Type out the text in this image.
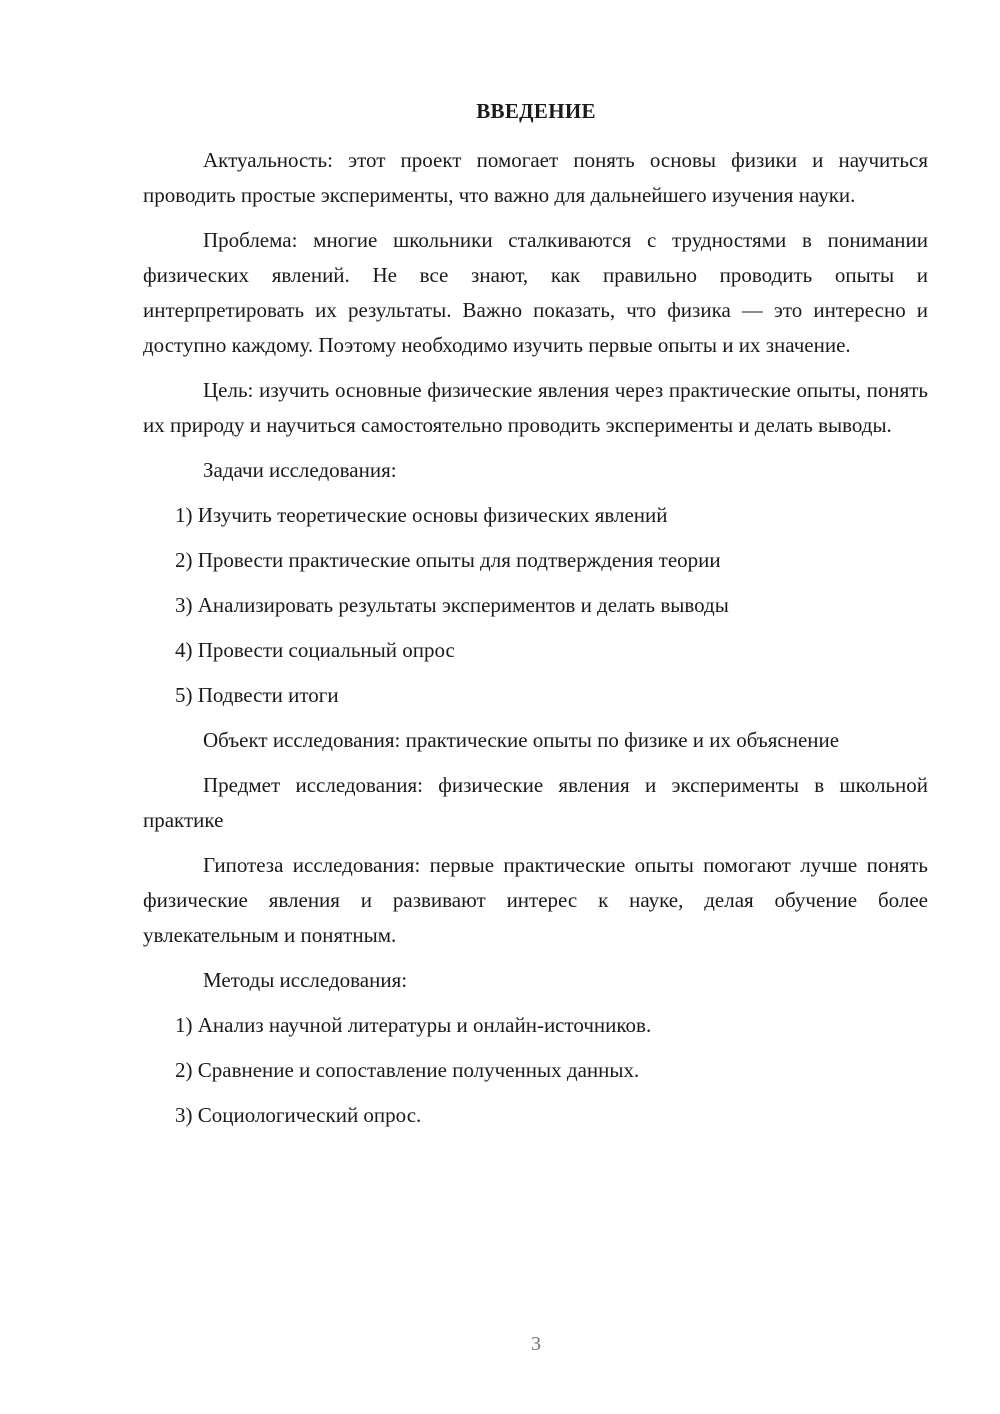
ВВЕДЕНИЕ

Актуальность: этот проект помогает понять основы физики и научиться проводить простые эксперименты, что важно для дальнейшего изучения науки.

Проблема: многие школьники сталкиваются с трудностями в понимании физических явлений. Не все знают, как правильно проводить опыты и интерпретировать их результаты. Важно показать, что физика — это интересно и доступно каждому. Поэтому необходимо изучить первые опыты и их значение.

Цель: изучить основные физические явления через практические опыты, понять их природу и научиться самостоятельно проводить эксперименты и делать выводы.

Задачи исследования:

1) Изучить теоретические основы физических явлений

2) Провести практические опыты для подтверждения теории

3) Анализировать результаты экспериментов и делать выводы

4) Провести социальный опрос

5) Подвести итоги

Объект исследования: практические опыты по физике и их объяснение

Предмет исследования: физические явления и эксперименты в школьной практике

Гипотеза исследования: первые практические опыты помогают лучше понять физические явления и развивают интерес к науке, делая обучение более увлекательным и понятным.

Методы исследования:

1) Анализ научной литературы и онлайн-источников.

2) Сравнение и сопоставление полученных данных.

3) Социологический опрос.

3
